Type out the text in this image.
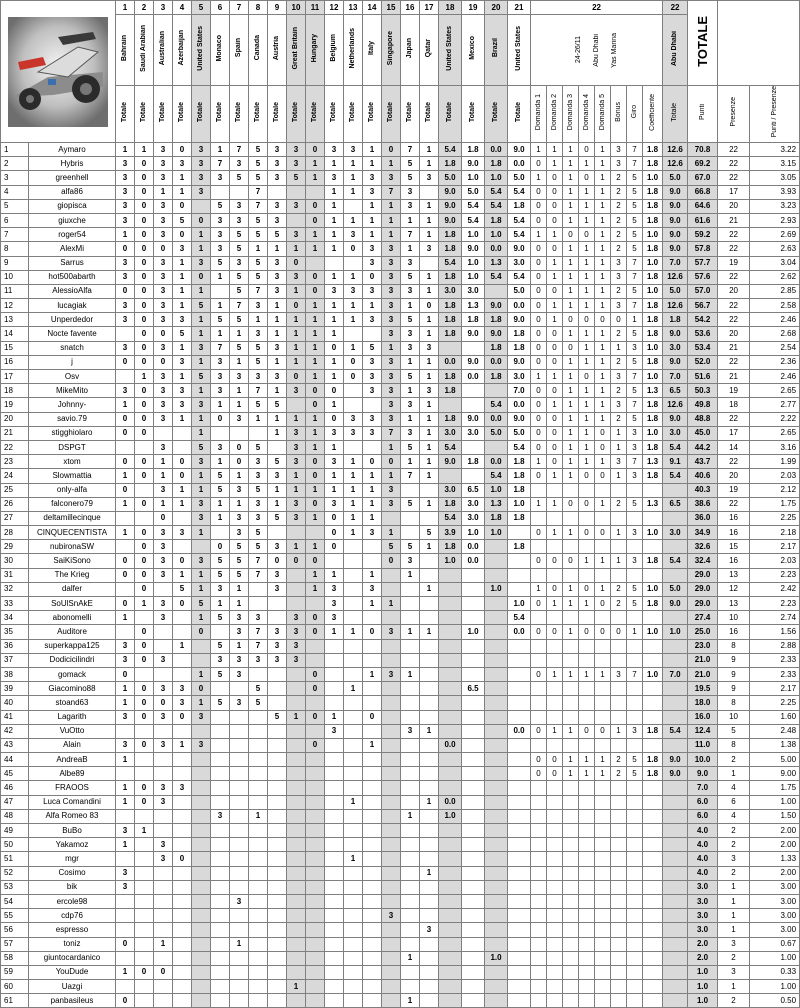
	1	2	3	4	5	6	7	8	9	10	11	12	13	14	15	16	17	18	19	20	21	22								22	TOTALE		
		Bahrain	Saudi Arabian	Australian	Azerbaijan	United States	Monaco	Spain	Canada	Austria	Great Britain	Hungary	Belgium	Netherlands	Italy	Singapore	Japan	Qatar	United States	Mexico	Brazil	United States	24-26/11 Abu Dhabi Yas Marina								Abu Dhabi			
		Totale	Totale	Totale	Totale	Totale	Totale	Totale	Totale	Totale	Totale	Totale	Totale	Totale	Totale	Totale	Totale	Totale	Totale	Totale	Totale	Totale	Domanda 1	Domanda 2	Domanda 3	Domanda 4	Domanda 5	Bonus	Giro	Coefficiente	Totale	Punti	Presenze	Punti / Presenze
1	Aymaro	1	1	3	0	3	1	7	5	3	3	0	3	3	1	0	7	1	5.4	1.8	0.0	9.0	1	1	1	0	1	3	7	1.8	12.6	70.8	22	3.22
2	Hybris	3	0	3	3	3	7	3	5	3	3	1	1	1	1	1	5	1	1.8	9.0	1.8	0.0	0	1	1	1	1	3	7	1.8	12.6	69.2	22	3.15
3	greenhell	3	0	3	1	3	3	5	5	3	5	1	3	1	3	3	5	3	5.0	1.0	1.0	5.0	1	0	1	0	1	2	5	1.0	5.0	67.0	22	3.05
4	alfa86	3	0	1	1	3			7				1	1	3	7	3		9.0	5.0	5.4	5.4	0	0	1	1	1	2	5	1.8	9.0	66.8	17	3.93
5	giopisca	3	0	3	0		5	3	7	3	3	0	1		1	1	3	1	9.0	5.4	5.4	1.8	0	0	1	1	1	2	5	1.8	9.0	64.6	20	3.23
6	giuxche	3	0	3	5	0	3	3	5	3		0	1	1	1	1	1	1	9.0	5.4	1.8	5.4	0	0	1	1	1	2	5	1.8	9.0	61.6	21	2.93
7	roger54	1	0	3	0	1	3	5	5	5	3	1	1	3	1	1	7	1	1.8	1.0	1.0	5.4	1	1	0	0	1	2	5	1.0	9.0	59.2	22	2.69
8	AlexMi	0	0	0	3	1	3	5	1	1	1	1	1	0	3	3	1	3	1.8	9.0	0.0	9.0	0	0	1	1	1	2	5	1.8	9.0	57.8	22	2.63
9	Sarrus	3	0	3	1	3	5	3	5	3	0				3	3	3		5.4	1.0	1.3	3.0	0	1	1	1	1	3	7	1.0	7.0	57.7	19	3.04
10	hot500abarth	3	0	3	1	0	1	5	5	3	3	0	1	1	0	3	5	1	1.8	1.0	5.4	5.4	0	1	1	1	1	3	7	1.8	12.6	57.6	22	2.62
11	AlessioAlfa	0	0	3	1	1		5	7	3	1	0	3	3	3	3	3	1	3.0	3.0		5.0	0	0	1	1	1	2	5	1.0	5.0	57.0	20	2.85
12	lucagiak	3	0	3	1	5	1	7	3	1	0	1	1	1	1	3	1	0	1.8	1.3	9.0	0.0	0	1	1	1	1	3	7	1.8	12.6	56.7	22	2.58
13	Unperdedor	3	0	3	3	1	5	5	1	1	1	1	1	1	3	3	5	1	1.8	1.8	1.8	9.0	0	1	0	0	0	0	1	1.8	1.8	54.2	22	2.46
14	Nocte favente		0	0	5	1	1	1	3	1	1	1	1			3	3	1	1.8	9.0	9.0	1.8	0	0	1	1	1	2	5	1.8	9.0	53.6	20	2.68
15	snatch	3	0	3	1	3	7	5	5	3	1	1	0	1	5	1	3	3			1.8	1.8	0	0	0	1	1	1	3	1.0	3.0	53.4	21	2.54
16	j	0	0	0	3	1	3	1	5	1	1	1	1	0	3	3	1	1	0.0	9.0	0.0	9.0	0	0	1	1	1	2	5	1.8	9.0	52.0	22	2.36
17	Osv		1	3	1	5	3	3	3	3	0	1	1	0	3	3	5	1	1.8	0.0	1.8	3.0	1	1	1	0	1	3	7	1.0	7.0	51.6	21	2.46
18	MikeMito	3	0	3	3	1	3	1	7	1	3	0	0		3	3	1	3	1.8			7.0	0	0	1	1	1	2	5	1.3	6.5	50.3	19	2.65
19	Johnny-	1	0	3	3	3	1	1	5	5		0	1			3	3	1			5.4	0.0	0	1	1	1	1	3	7	1.8	12.6	49.8	18	2.77
20	savio.79	0	0	3	1	1	0	3	1	1	1	1	0	3	3	3	1	1	1.8	9.0	0.0	9.0	0	0	1	1	1	2	5	1.8	9.0	48.8	22	2.22
21	stigghiolaro	0	0			1				1	3	1	3	3	3	7	3	1	3.0	3.0	5.0	5.0	0	0	1	1	0	1	3	1.0	3.0	45.0	17	2.65
22	DSPGT			3		5	3	0	5		3	1	1			1	5	1	5.4			5.4	0	0	1	1	0	1	3	1.8	5.4	44.2	14	3.16
23	xtom	0	0	1	0	3	1	0	3	5	3	0	3	1	0	0	1	1	9.0	1.8	0.0	1.8	1	0	1	1	1	3	7	1.3	9.1	43.7	22	1.99
24	Slowmattia	1	0	1	0	1	5	1	3	3	1	0	1	1	1	1	7	1			5.4	1.8	0	1	1	0	0	1	3	1.8	5.4	40.6	20	2.03
25	only-alfa	0		3	1	1	5	3	5	1	1	1	1	1	1	3			3.0	6.5	1.0	1.8										40.3	19	2.12
26	falconero79	1	0	1	1	3	1	1	3	1	3	0	3	1	1	3	5	1	1.8	3.0	1.3	1.0	1	1	0	0	1	2	5	1.3	6.5	38.6	22	1.75
27	deltamillecinque			0		3	1	3	3	5	3	1	0	1	1				5.4	3.0	1.8	1.8										36.0	16	2.25
28	CINQUECENTISTA	1	0	3	3	1		3	5				0	1	3	1		5	3.9	1.0	1.0		0	1	1	0	0	1	3	1.0	3.0	34.9	16	2.18
29	nubironaSW		0	3			0	5	5	3	1	1	0			5	5	1	1.8	0.0		1.8										32.6	15	2.17
30	SaiKiSono	0	0	3	0	3	5	5	7	0	0	0				0	3		1.0	0.0			0	0	0	1	1	1	3	1.8	5.4	32.4	16	2.03
31	The Krieg	0	0	3	1	1	5	5	7	3		1	1		1		1															29.0	13	2.23
32	dalfer		0		5	1	3	1		3		1	3		3			1			1.0		1	0	1	0	1	2	5	1.0	5.0	29.0	12	2.42
33	SoUlSnAkE	0	1	3	0	5	1	1					3		1	1						1.0	0	1	1	1	0	2	5	1.8	9.0	29.0	13	2.23
34	abonomelli	1		3		1	5	3	3		3	0	3									5.4										27.4	10	2.74
35	Auditore		0			0		3	7	3	3	0	1	1	0	3	1	1		1.0		0.0	0	0	1	0	0	0	1	1.0	1.0	25.0	16	1.56
36	superkappa125	3	0		1		5	1	7	3	3																					23.0	8	2.88
37	Dodicicilindri	3	0	3			3	3	3	3	3																					21.0	9	2.33
38	gomack	0				1	5	3				0			1	3	1						0	1	1	1	1	3	7	1.0	7.0	21.0	9	2.33
39	Giacomino88	1	0	3	3	0			5			0		1						6.5												19.5	9	2.17
40	stoand63	1	0	0	3	1	5	3	5																							18.0	8	2.25
41	Lagarith	3	0	3	0	3				5	1	0	1		0																	16.0	10	1.60
42	VuOtto												3				3	1				0.0	0	1	1	0	0	1	3	1.8	5.4	12.4	5	2.48
43	Alain	3	0	3	1	3						0			1				0.0													11.0	8	1.38
44	AndreaB	1																					0	0	1	1	1	2	5	1.8	9.0	10.0	2	5.00
45	Albe89																						0	0	1	1	1	2	5	1.8	9.0	9.0	1	9.00
46	FRAOOS	1	0	3	3																											7.0	4	1.75
47	Luca Comandini	1	0	3										1				1	0.0													6.0	6	1.00
48	Alfa Romeo 83						3		1								1		1.0													6.0	4	1.50
49	BuBo	3	1																													4.0	2	2.00
50	Yakamoz	1		3																												4.0	2	2.00
51	mgr			3	0									1																		4.0	3	1.33
52	Cosimo	3																1														4.0	2	2.00
53	bik	3																														3.0	1	3.00
54	ercole98							3																								3.0	1	3.00
55	cdp76															3																3.0	1	3.00
56	espresso																	3														3.0	1	3.00
57	toniz	0		1				1																								2.0	3	0.67
58	giuntocardanico																1				1.0											2.0	2	1.00
59	YouDude	1	0	0																												1.0	3	0.33
60	Uazgi										1																					1.0	1	1.00
61	panbasileus	0															1															1.0	2	0.50
